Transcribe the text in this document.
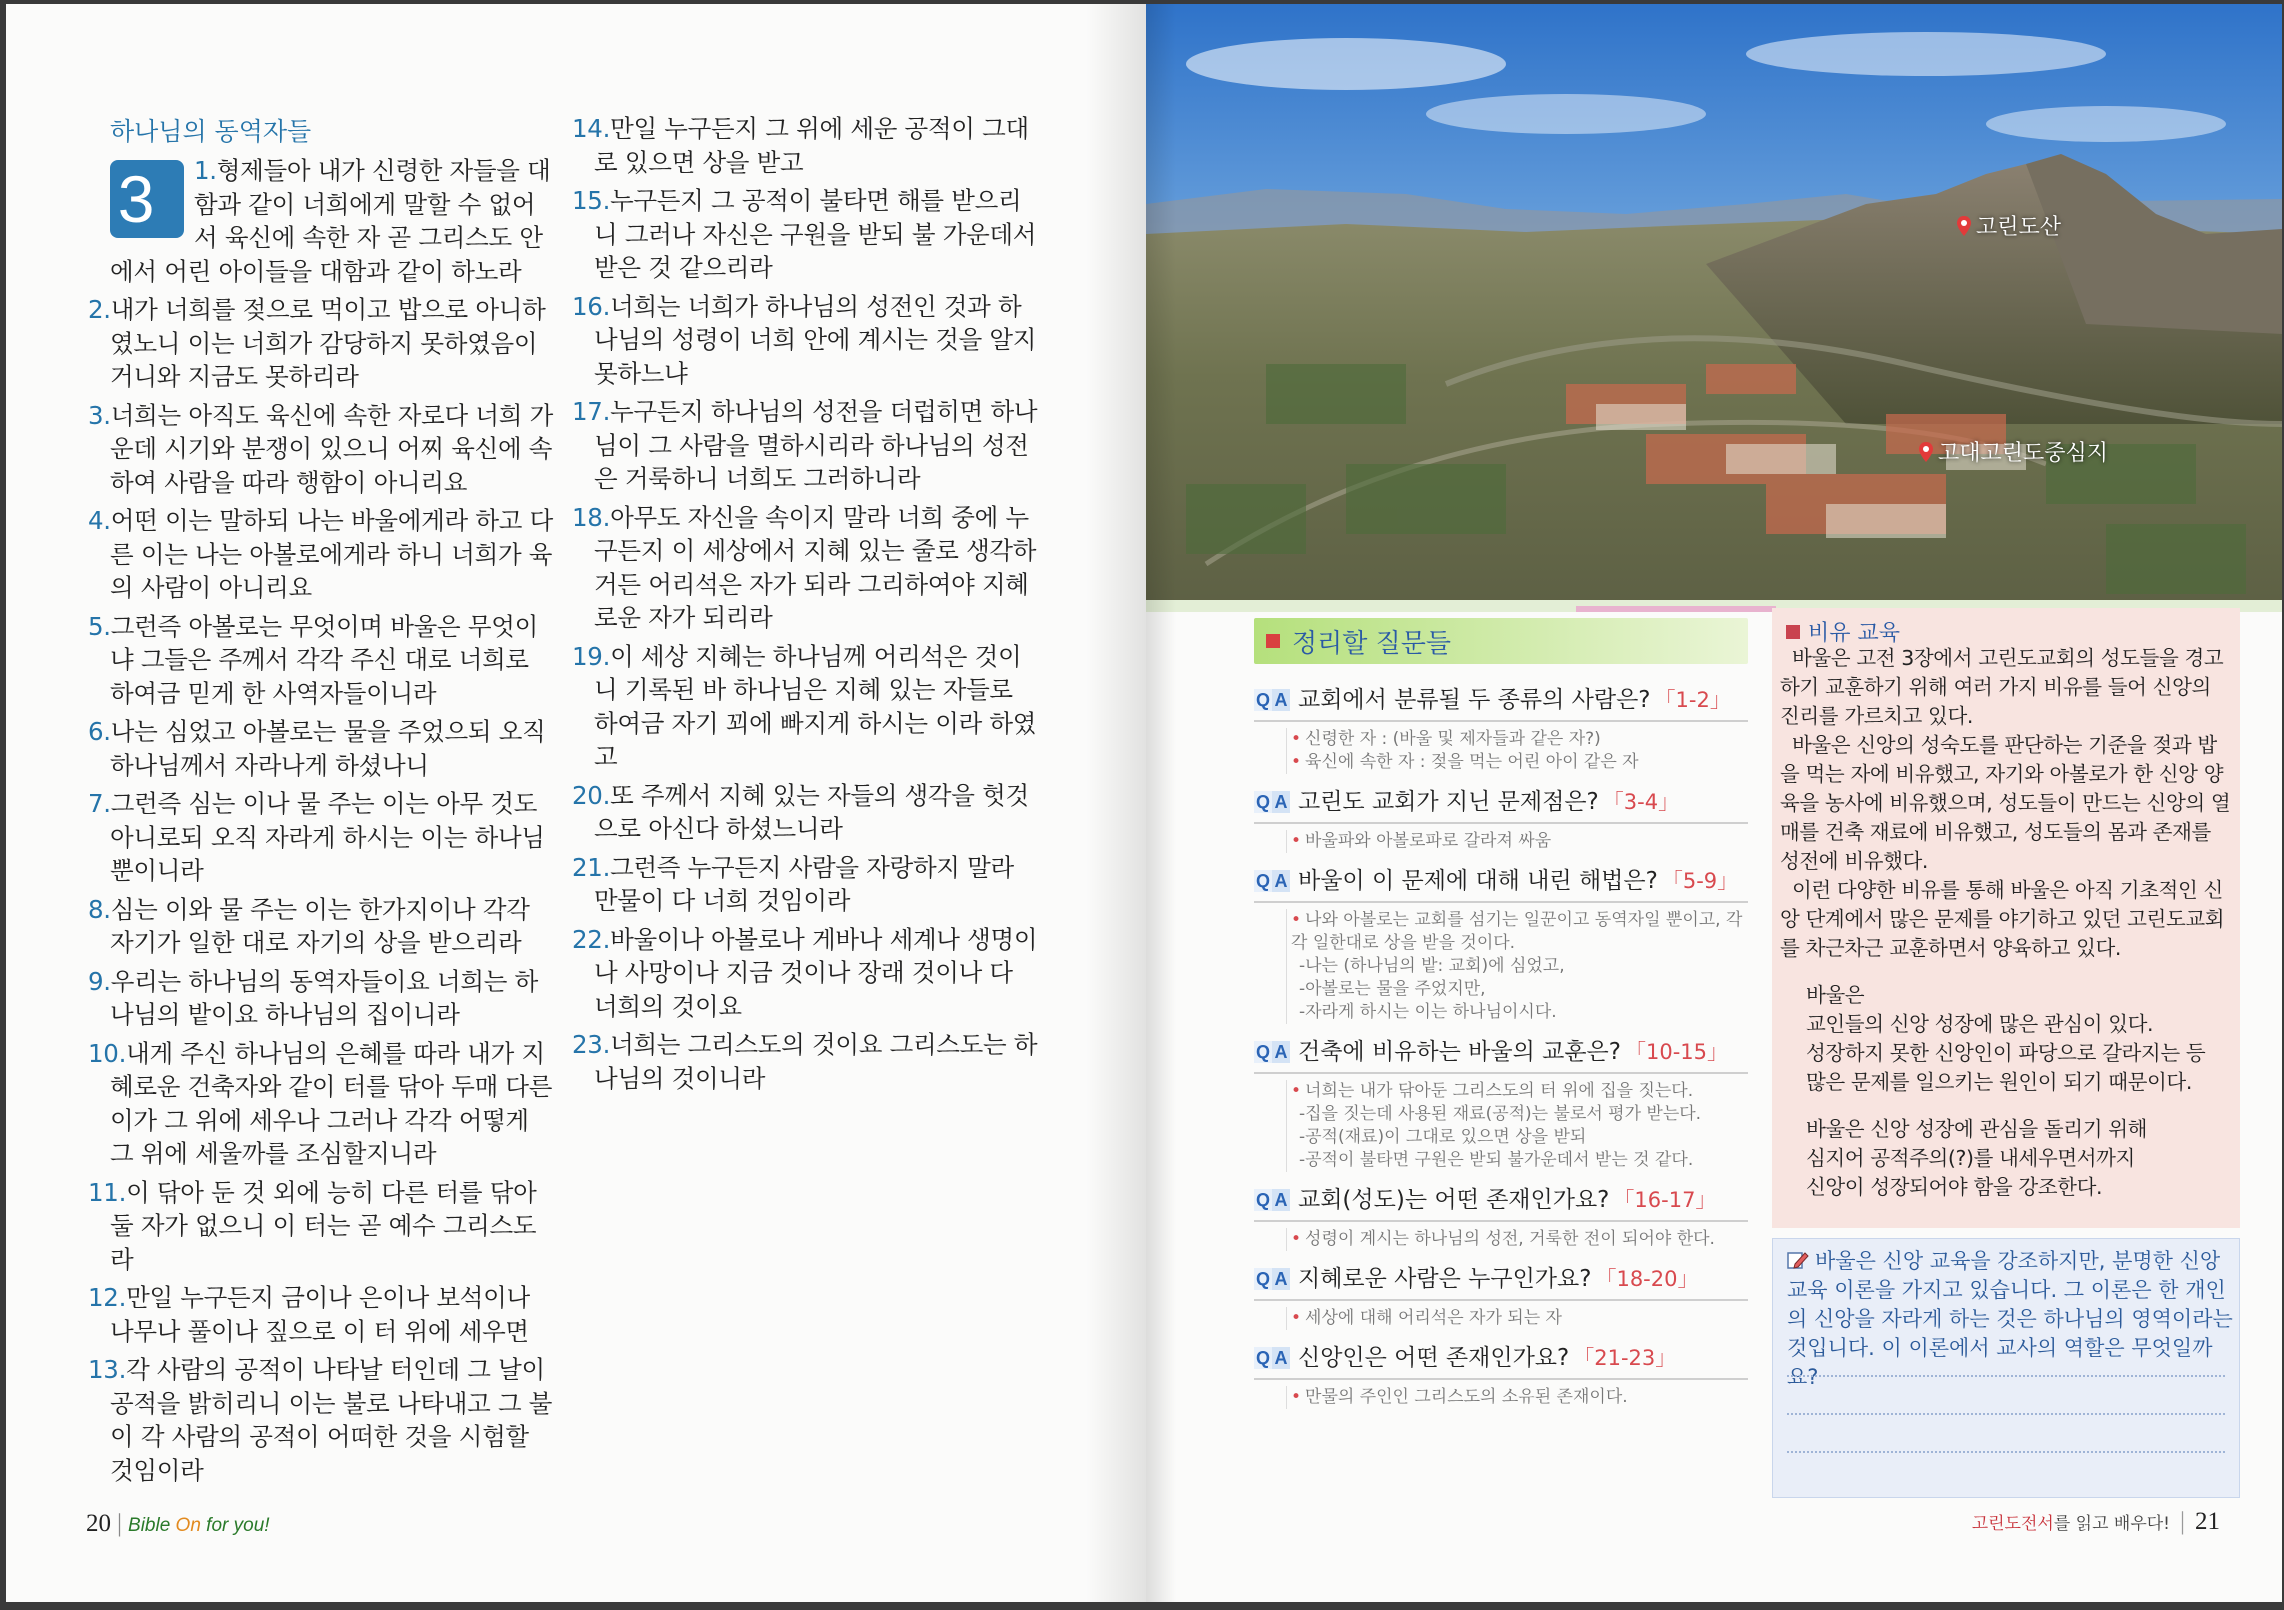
하나님의 동역자들
3	1.형제들아 내가 신령한 자들을 대함과 같이 너희에게 말할 수 없어서 육신에 속한 자 곧 그리스도 안에서 어린 아이들을 대함과 같이 하노라
2.내가 너희를 젖으로 먹이고 밥으로 아니하였노니 이는 너희가 감당하지 못하였음이거니와 지금도 못하리라
3.너희는 아직도 육신에 속한 자로다 너희 가운데 시기와 분쟁이 있으니 어찌 육신에 속하여 사람을 따라 행함이 아니리요
4.어떤 이는 말하되 나는 바울에게라 하고 다른 이는 나는 아볼로에게라 하니 너희가 육의 사람이 아니리요
5.그런즉 아볼로는 무엇이며 바울은 무엇이냐 그들은 주께서 각각 주신 대로 너희로 하여금 믿게 한 사역자들이니라
6.나는 심었고 아볼로는 물을 주었으되 오직 하나님께서 자라나게 하셨나니
7.그런즉 심는 이나 물 주는 이는 아무 것도 아니로되 오직 자라게 하시는 이는 하나님 뿐이니라
8.심는 이와 물 주는 이는 한가지이나 각각 자기가 일한 대로 자기의 상을 받으리라
9.우리는 하나님의 동역자들이요 너희는 하나님의 밭이요 하나님의 집이니라
10.내게 주신 하나님의 은혜를 따라 내가 지혜로운 건축자와 같이 터를 닦아 두매 다른 이가 그 위에 세우나 그러나 각각 어떻게 그 위에 세울까를 조심할지니라
11.이 닦아 둔 것 외에 능히 다른 터를 닦아 둘 자가 없으니 이 터는 곧 예수 그리스도라
12.만일 누구든지 금이나 은이나 보석이나 나무나 풀이나 짚으로 이 터 위에 세우면
13.각 사람의 공적이 나타날 터인데 그 날이 공적을 밝히리니 이는 불로 나타내고 그 불이 각 사람의 공적이 어떠한 것을 시험할 것임이라
14.만일 누구든지 그 위에 세운 공적이 그대로 있으면 상을 받고
15.누구든지 그 공적이 불타면 해를 받으리니 그러나 자신은 구원을 받되 불 가운데서 받은 것 같으리라
16.너희는 너희가 하나님의 성전인 것과 하나님의 성령이 너희 안에 계시는 것을 알지 못하느냐
17.누구든지 하나님의 성전을 더럽히면 하나님이 그 사람을 멸하시리라 하나님의 성전은 거룩하니 너희도 그러하니라
18.아무도 자신을 속이지 말라 너희 중에 누구든지 이 세상에서 지혜 있는 줄로 생각하거든 어리석은 자가 되라 그리하여야 지혜로운 자가 되리라
19.이 세상 지혜는 하나님께 어리석은 것이니 기록된 바 하나님은 지혜 있는 자들로 하여금 자기 꾀에 빠지게 하시는 이라 하였고
20.또 주께서 지혜 있는 자들의 생각을 헛것으로 아신다 하셨느니라
21.그런즉 누구든지 사람을 자랑하지 말라 만물이 다 너희 것임이라
22.바울이나 아볼로나 게바나 세계나 생명이나 사망이나 지금 것이나 장래 것이나 다 너희의 것이요
23.너희는 그리스도의 것이요 그리스도는 하나님의 것이니라
20 | Bible On for you!
고린도산
고대고린도중심지
정리할 질문들
Q A 교회에서 분류될 두 종류의 사람은? 「1-2」
• 신령한 자 : (바울 및 제자들과 같은 자?)
• 육신에 속한 자 : 젖을 먹는 어린 아이 같은 자
Q A 고린도 교회가 지닌 문제점은? 「3-4」
• 바울파와 아볼로파로 갈라져 싸움
Q A 바울이 이 문제에 대해 내린 해법은? 「5-9」
• 나와 아볼로는 교회를 섬기는 일꾼이고 동역자일 뿐이고, 각각 일한대로 상을 받을 것이다.
-나는 (하나님의 밭: 교회)에 심었고,
-아볼로는 물을 주었지만,
-자라게 하시는 이는 하나님이시다.
Q A 건축에 비유하는 바울의 교훈은? 「10-15」
• 너희는 내가 닦아둔 그리스도의 터 위에 집을 짓는다.
-집을 짓는데 사용된 재료(공적)는 불로서 평가 받는다.
-공적(재료)이 그대로 있으면 상을 받되
-공적이 불타면 구원은 받되 불가운데서 받는 것 같다.
Q A 교회(성도)는 어떤 존재인가요? 「16-17」
• 성령이 계시는 하나님의 성전, 거룩한 전이 되어야 한다.
Q A 지혜로운 사람은 누구인가요? 「18-20」
• 세상에 대해 어리석은 자가 되는 자
Q A 신앙인은 어떤 존재인가요? 「21-23」
• 만물의 주인인 그리스도의 소유된 존재이다.
비유 교육

바울은 고전 3장에서 고린도교회의 성도들을 경고하기 교훈하기 위해 여러 가지 비유를 들어 신앙의 진리를 가르치고 있다.

바울은 신앙의 성숙도를 판단하는 기준을 젖과 밥을 먹는 자에 비유했고, 자기와 아볼로가 한 신앙 양육을 농사에 비유했으며, 성도들이 만드는 신앙의 열매를 건축 재료에 비유했고, 성도들의 몸과 존재를 성전에 비유했다.

이런 다양한 비유를 통해 바울은 아직 기초적인 신앙 단계에서 많은 문제를 야기하고 있던 고린도교회를 차근차근 교훈하면서 양육하고 있다.

바울은
교인들의 신앙 성장에 많은 관심이 있다.
성장하지 못한 신앙인이 파당으로 갈라지는 등
많은 문제를 일으키는 원인이 되기 때문이다.

바울은 신앙 성장에 관심을 돌리기 위해
심지어 공적주의(?)를 내세우면서까지
신앙이 성장되어야 함을 강조한다.

바울은 신앙 교육을 강조하지만, 분명한 신앙 교육 이론을 가지고 있습니다. 그 이론은 한 개인의 신앙을 자라게 하는 것은 하나님의 영역이라는 것입니다. 이 이론에서 교사의 역할은 무엇일까요?
고린도전서를 읽고 배우다! | 21
